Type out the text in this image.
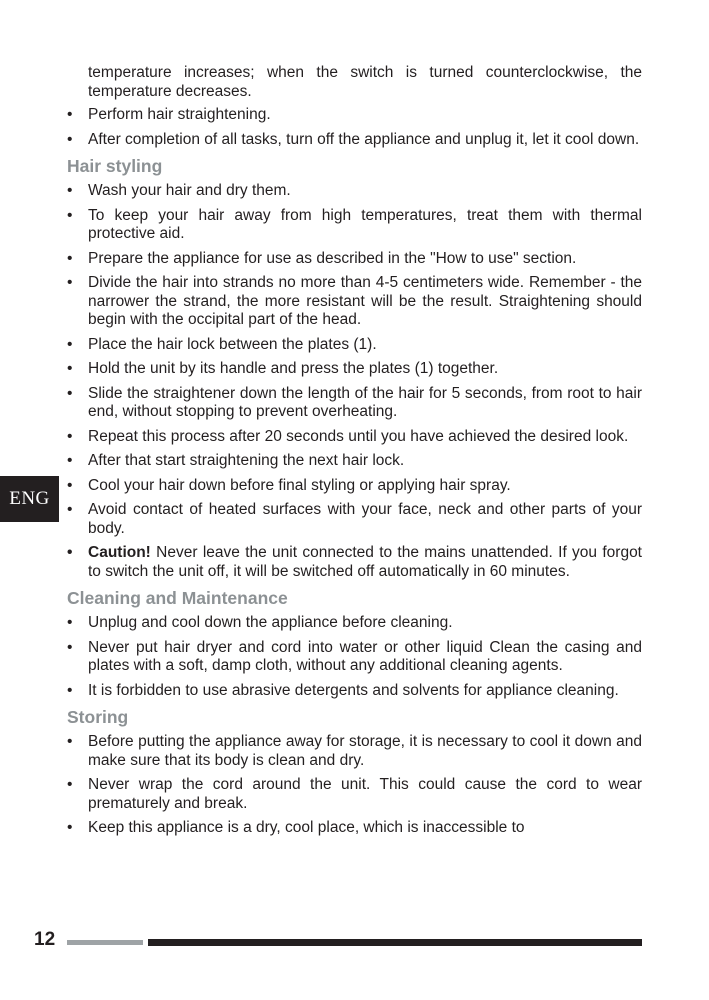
ENG

temperature increases; when the switch is turned counterclockwise, the temperature decreases.

• Perform hair straightening.
• After completion of all tasks, turn off the appliance and unplug it, let it cool down.
Hair styling
• Wash your hair and dry them.
• To keep your hair away from high temperatures, treat them with thermal protective aid.
• Prepare the appliance for use as described in the "How to use" section.
• Divide the hair into strands no more than 4-5 centimeters wide. Remember - the narrower the strand, the more resistant will be the result. Straightening should begin with the occipital part of the head.
• Place the hair lock between the plates (1).
• Hold the unit by its handle and press the plates (1) together.
• Slide the straightener down the length of the hair for 5 seconds, from root to hair end, without stopping to prevent overheating.
• Repeat this process after 20 seconds until you have achieved the desired look.
• After that start straightening the next hair lock.
• Cool your hair down before final styling or applying hair spray.
• Avoid contact of heated surfaces with your face, neck and other parts of your body.
• Caution! Never leave the unit connected to the mains unattended. If you forgot to switch the unit off, it will be switched off automatically in 60 minutes.
Cleaning and Maintenance
• Unplug and cool down the appliance before cleaning.
• Never put hair dryer and cord into water or other liquid Clean the casing and plates with a soft, damp cloth, without any additional cleaning agents.
• It is forbidden to use abrasive detergents and solvents for appliance cleaning.
Storing
• Before putting the appliance away for storage, it is necessary to cool it down and make sure that its body is clean and dry.
• Never wrap the cord around the unit. This could cause the cord to wear prematurely and break.
• Keep this appliance is a dry, cool place, which is inaccessible to
12
